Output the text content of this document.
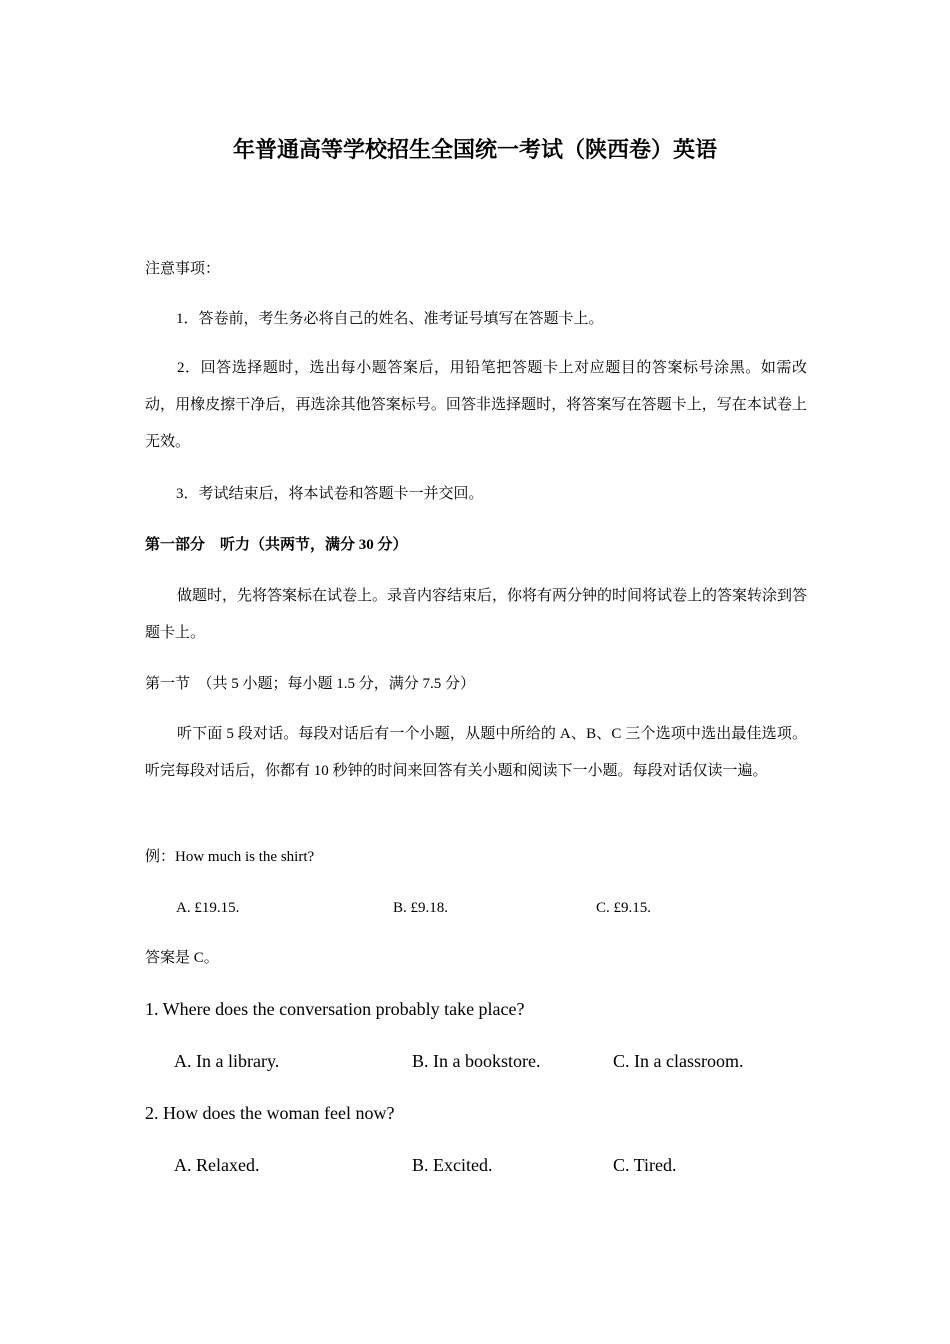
年普通高等学校招生全国统一考试（陕西卷）英语
注意事项：
1．答卷前，考生务必将自己的姓名、准考证号填写在答题卡上。

2．回答选择题时，选出每小题答案后，用铅笔把答题卡上对应题目的答案标号涂黑。如需改动，用橡皮擦干净后，再选涂其他答案标号。回答非选择题时，将答案写在答题卡上，写在本试卷上无效。

3．考试结束后，将本试卷和答题卡一并交回。
第一部分　听力（共两节，满分 30 分）

做题时，先将答案标在试卷上。录音内容结束后，你将有两分钟的时间将试卷上的答案转涂到答题卡上。

第一节　（共 5 小题；每小题 1.5 分，满分 7.5 分）

听下面 5 段对话。每段对话后有一个小题，从题中所给的 A、B、C 三个选项中选出最佳选项。听完每段对话后，你都有 10 秒钟的时间来回答有关小题和阅读下一小题。每段对话仅读一遍。

例：How much is the shirt?
A. £19.15.	B. £9.18.	C. £9.15.
答案是 C。
1. Where does the conversation probably take place?
A. In a library.	B. In a bookstore.	C. In a classroom.
2. How does the woman feel now?
A. Relaxed.	B. Excited.	C. Tired.
